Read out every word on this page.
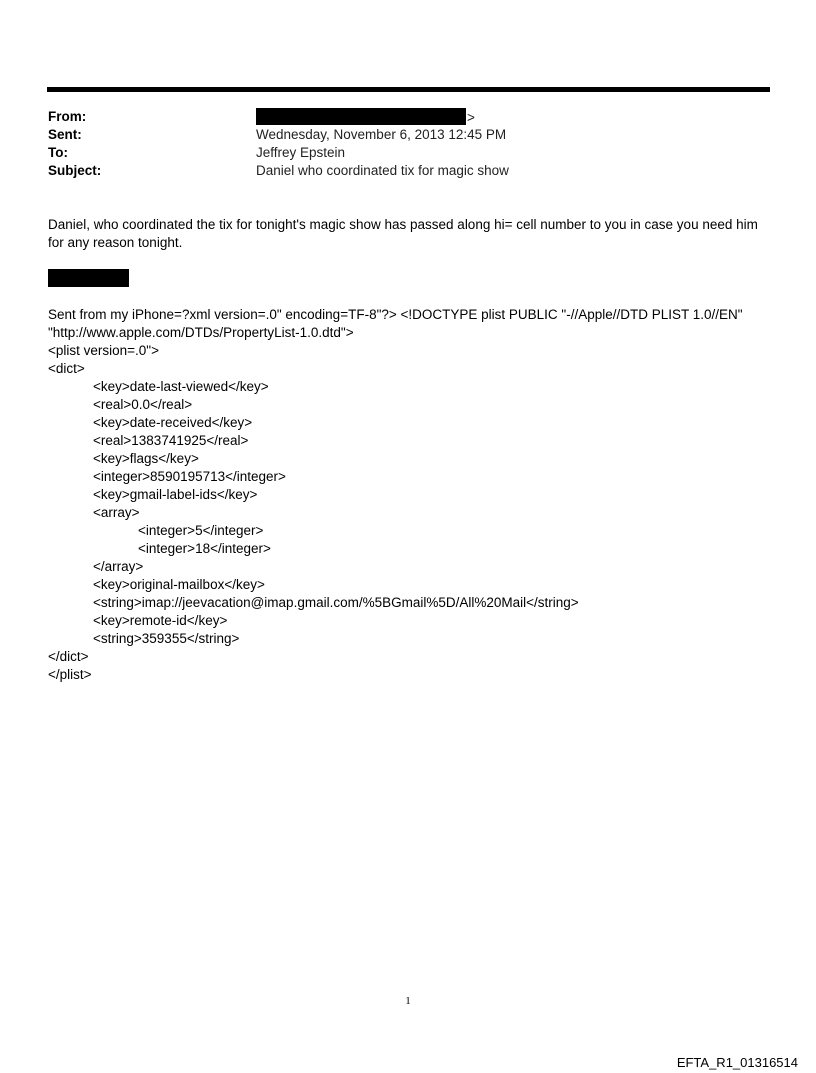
From:	>
Sent:	Wednesday, November 6, 2013 12:45 PM
To:	Jeffrey Epstein
Subject:	Daniel who coordinated tix for magic show
Daniel, who coordinated the tix for tonight's magic show has passed along hi= cell number to you in case you need him
for any reason tonight.
Sent from my iPhone=?xml version=.0" encoding=TF-8"?> <!DOCTYPE plist PUBLIC "-//Apple//DTD PLIST 1.0//EN"
"http://www.apple.com/DTDs/PropertyList-1.0.dtd">
<plist version=.0">
<dict>
<key>date-last-viewed</key>
<real>0.0</real>
<key>date-received</key>
<real>1383741925</real>
<key>flags</key>
<integer>8590195713</integer>
<key>gmail-label-ids</key>
<array>
<integer>5</integer>
<integer>18</integer>
</array>
<key>original-mailbox</key>
<string>imap://jeevacation@imap.gmail.com/%5BGmail%5D/All%20Mail</string>
<key>remote-id</key>
<string>359355</string>
</dict>
</plist>
1
EFTA_R1_01316514
